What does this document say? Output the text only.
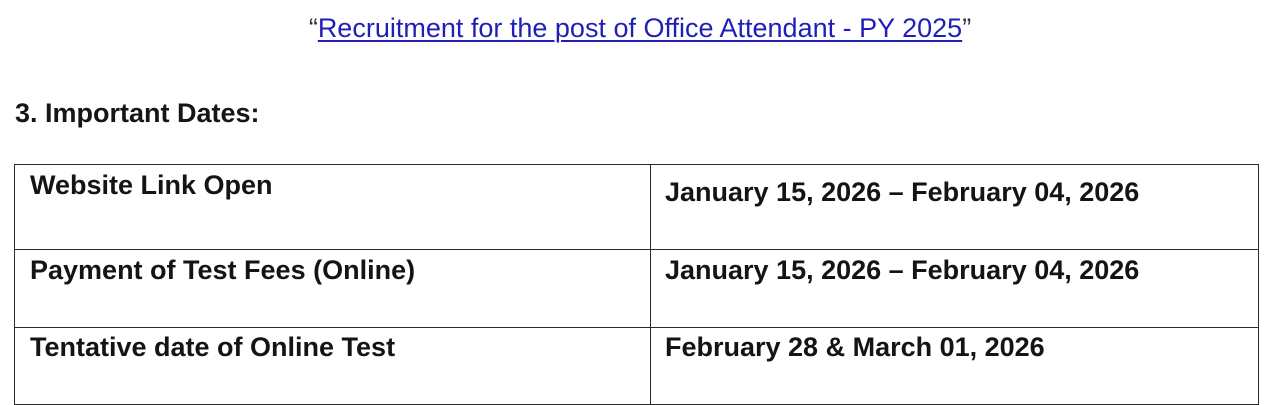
“Recruitment for the post of Office Attendant - PY 2025”
3. Important Dates:
Website Link Open	January 15, 2026 – February 04, 2026
Payment of Test Fees (Online)	January 15, 2026 – February 04, 2026
Tentative date of Online Test	February 28 & March 01, 2026
